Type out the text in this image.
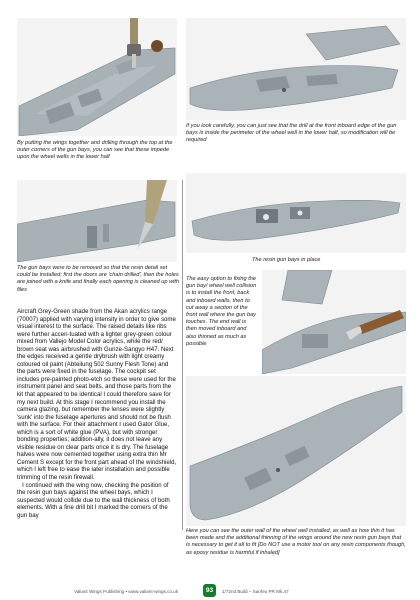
By putting the wings together and drilling through the top at the outer corners of the gun bays, you can see that these impede upon the wheel wells in the lower half
If you look carefully, you can just see that the drill at the front inboard edge of the gun bays is inside the perimeter of the wheel well in the lower half, so modification will be required
The gun bays were to be removed so that the resin detail set could be installed; first the doors are 'chain drilled', then the holes are joined with a knife and finally each opening is cleaned up with files
Aircraft Grey-Green shade from the Akan acrylics range (70007) applied with varying intensity in order to give some visual interest to the surface. The raised details like ribs were further accen-tuated with a lighter grey-green colour mixed from Vallejo Model Color acrylics, while the red/ brown seat was airbrushed with Gunze-Sangyo H47. Next the edges received a gentle drybrush with light creamy coloured oil paint (Abteilung 502 Sunny Flesh Tone) and the parts were fixed in the fuselage. The cockpit set includes pre-painted photo-etch so these were used for the instrument panel and seat belts, and those parts from the kit that appeared to be identical I could therefore save for my next build. At this stage I recommend you install the camera glazing, but remember the lenses were slightly 'sunk' into the fuselage apertures and should not be flush with the surface. For their attachment I used Gator Glue, which is a sort of white glue (PVA), but with stronger bonding properties; addition-ally, it does not leave any visible residue on clear parts once it is dry. The fuselage halves were now cemented together using extra thin Mr Cement S except for the front part ahead of the windshield, which I left free to ease the later installation and possible trimming of the resin firewall.
I continued with the wing now, checking the position of the resin gun bays against the wheel bays, which I suspected would collide due to the wall thickness of both elements. With a fine drill bit I marked the corners of the gun bay
The resin gun bays in place
The easy option to fixing the gun bay/ wheel well collision is to install the front, back and inboard walls, then to cut away a section of the front wall where the gun bay touches. The end wall is then moved inboard and also thinned as much as possible
Here you can see the outer wall of the wheel well installed, as well as how thin it has been made and the additional thinning of the wings around the new resin gun bays that is necessary to get it all to fit [Do NOT use a motor tool on any resin components though, as epoxy residue is harmful if inhaled]
Valiant Wings Publishing • www.valiant-wings.co.uk	93	1/72nd Build – Sanfeu PR Mk.47
